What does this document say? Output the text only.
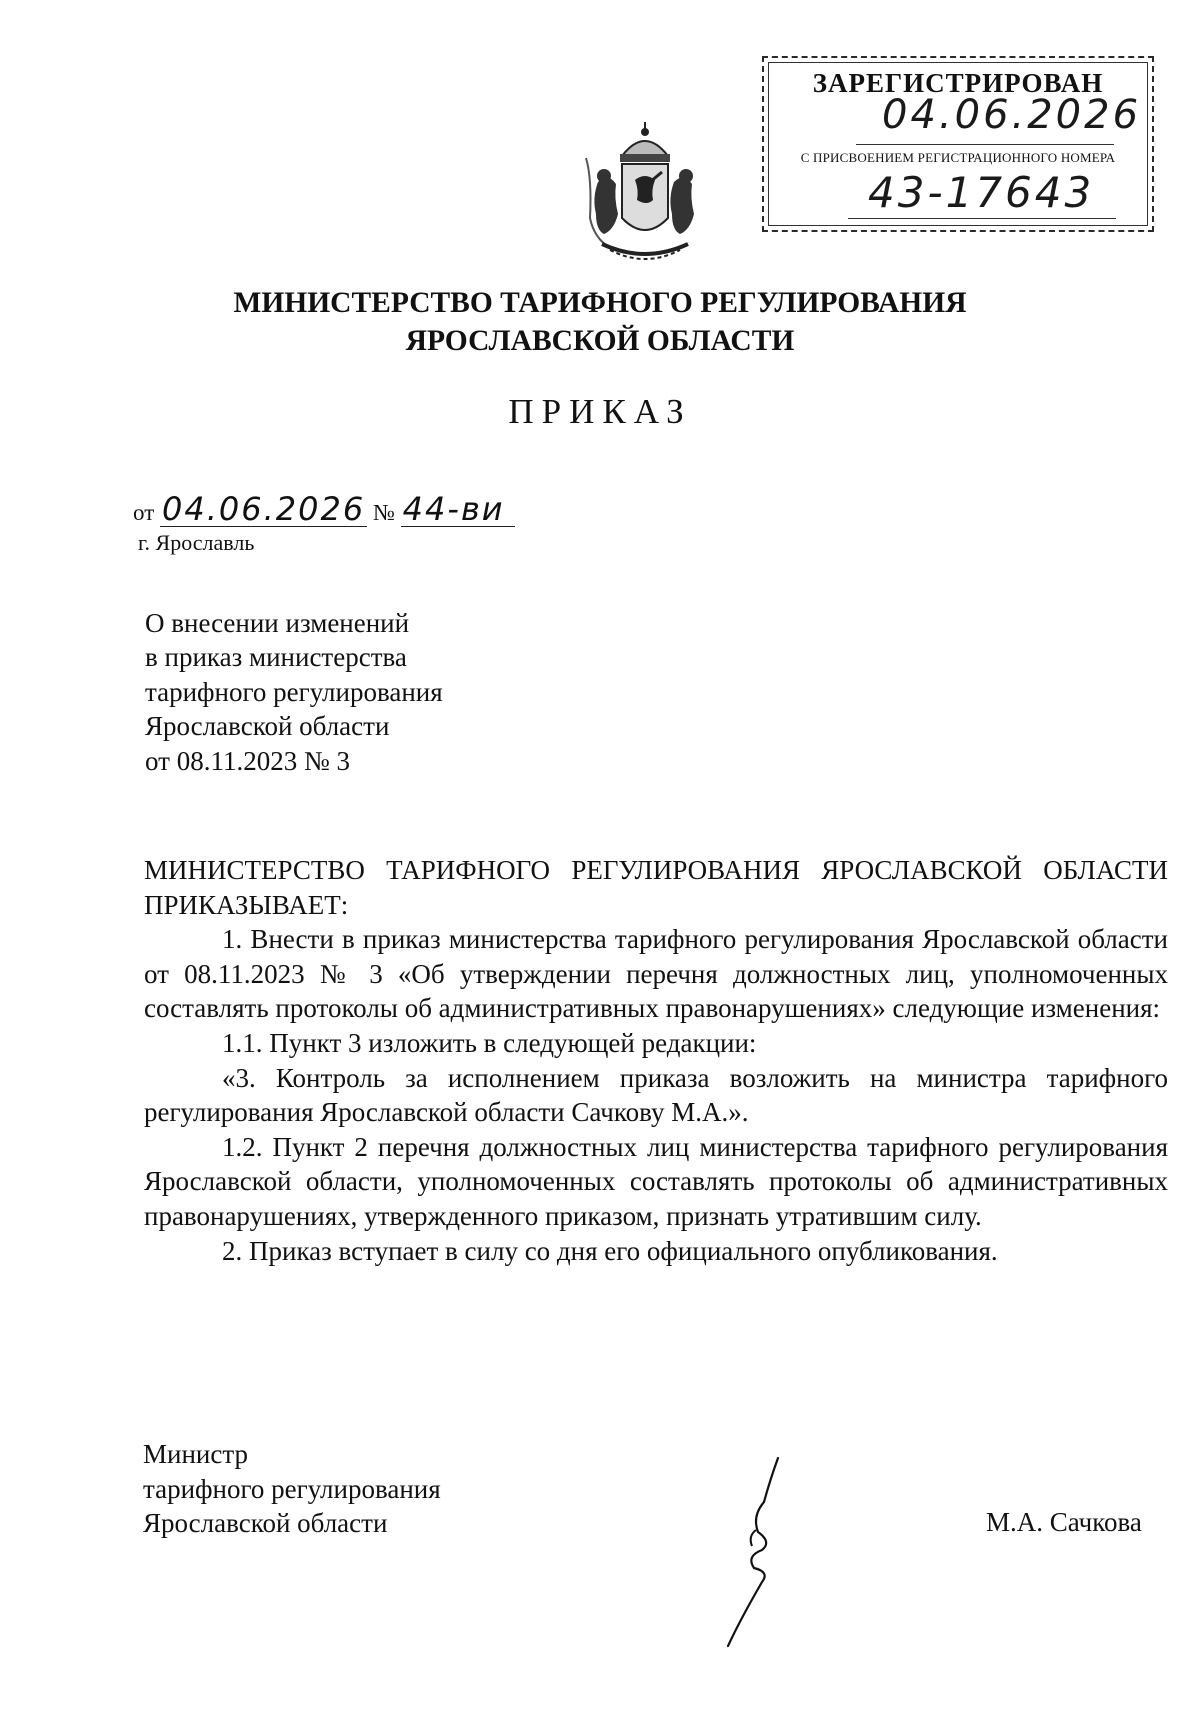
ЗАРЕГИСТРИРОВАН
04.06.2026
С ПРИСВОЕНИЕМ РЕГИСТРАЦИОННОГО НОМЕРА
43-17643
МИНИСТЕРСТВО ТАРИФНОГО РЕГУЛИРОВАНИЯ
ЯРОСЛАВСКОЙ ОБЛАСТИ
ПРИКАЗ
от 04.06.2026 № 44-ви
г. Ярославль
О внесении изменений
в приказ министерства
тарифного регулирования
Ярославской области
от 08.11.2023 № 3

МИНИСТЕРСТВО ТАРИФНОГО РЕГУЛИРОВАНИЯ ЯРОСЛАВСКОЙ ОБЛАСТИ ПРИКАЗЫВАЕТ:

1. Внести в приказ министерства тарифного регулирования Ярославской области от 08.11.2023 № 3 «Об утверждении перечня должностных лиц, уполномоченных составлять протоколы об административных правонарушениях» следующие изменения:

1.1. Пункт 3 изложить в следующей редакции:

«3. Контроль за исполнением приказа возложить на министра тарифного регулирования Ярославской области Сачкову М.А.».

1.2. Пункт 2 перечня должностных лиц министерства тарифного регулирования Ярославской области, уполномоченных составлять протоколы об административных правонарушениях, утвержденного приказом, признать утратившим силу.

2. Приказ вступает в силу со дня его официального опубликования.

Министр
тарифного регулирования
Ярославской области	М.А. Сачкова
